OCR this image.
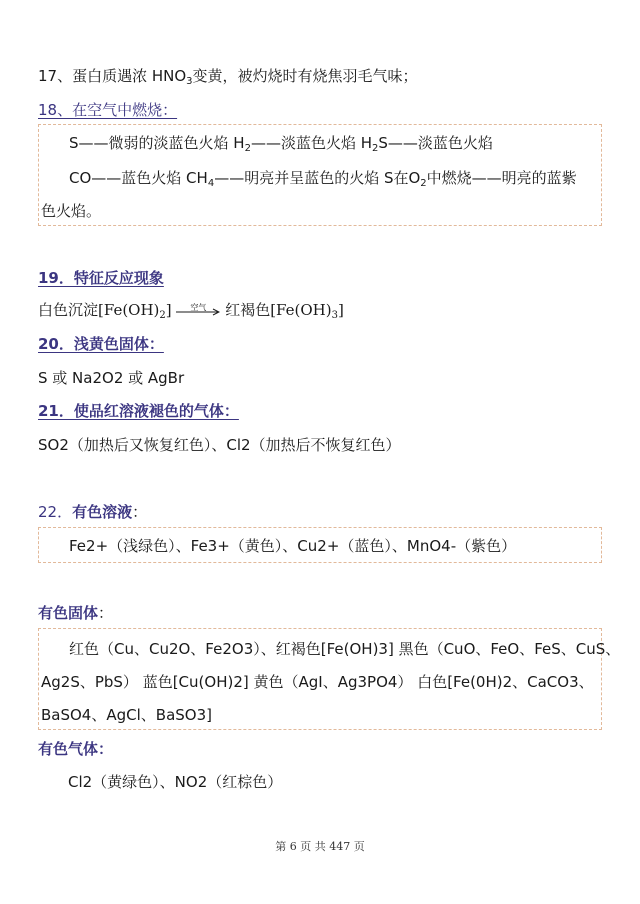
17、蛋白质遇浓 $HNO_3$变黄，被灼烧时有烧焦羽毛气味；
18、在空气中燃烧：
S——微弱的淡蓝色火焰 $H_2——$淡蓝色火焰 $H_2S——$淡蓝色火焰
CO——蓝色火焰 $CH_4——$明亮并呈蓝色的火焰 S在$O_2$中燃烧——明亮的蓝紫
色火焰。
19．特征反应现象
白色沉淀$[Fe(OH)_2]$	空气	红褐色$[Fe(OH)_3]$
20．浅黄色固体：
S 或 Na2O2 或 AgBr
21．使品红溶液褪色的气体：
SO2（加热后又恢复红色）、Cl2（加热后不恢复红色）
22．有色溶液：
Fe2+（浅绿色）、Fe3+（黄色）、Cu2+（蓝色）、MnO4-（紫色）
有色固体：
红色（Cu、Cu2O、Fe2O3）、红褐色[Fe(OH)3] 黑色（CuO、FeO、FeS、CuS、
Ag2S、PbS） 蓝色[Cu(OH)2] 黄色（AgI、Ag3PO4） 白色[Fe(0H)2、CaCO3、
BaSO4、AgCl、BaSO3]
有色气体：
Cl2（黄绿色）、NO2（红棕色）
第 6 页 共 447 页
